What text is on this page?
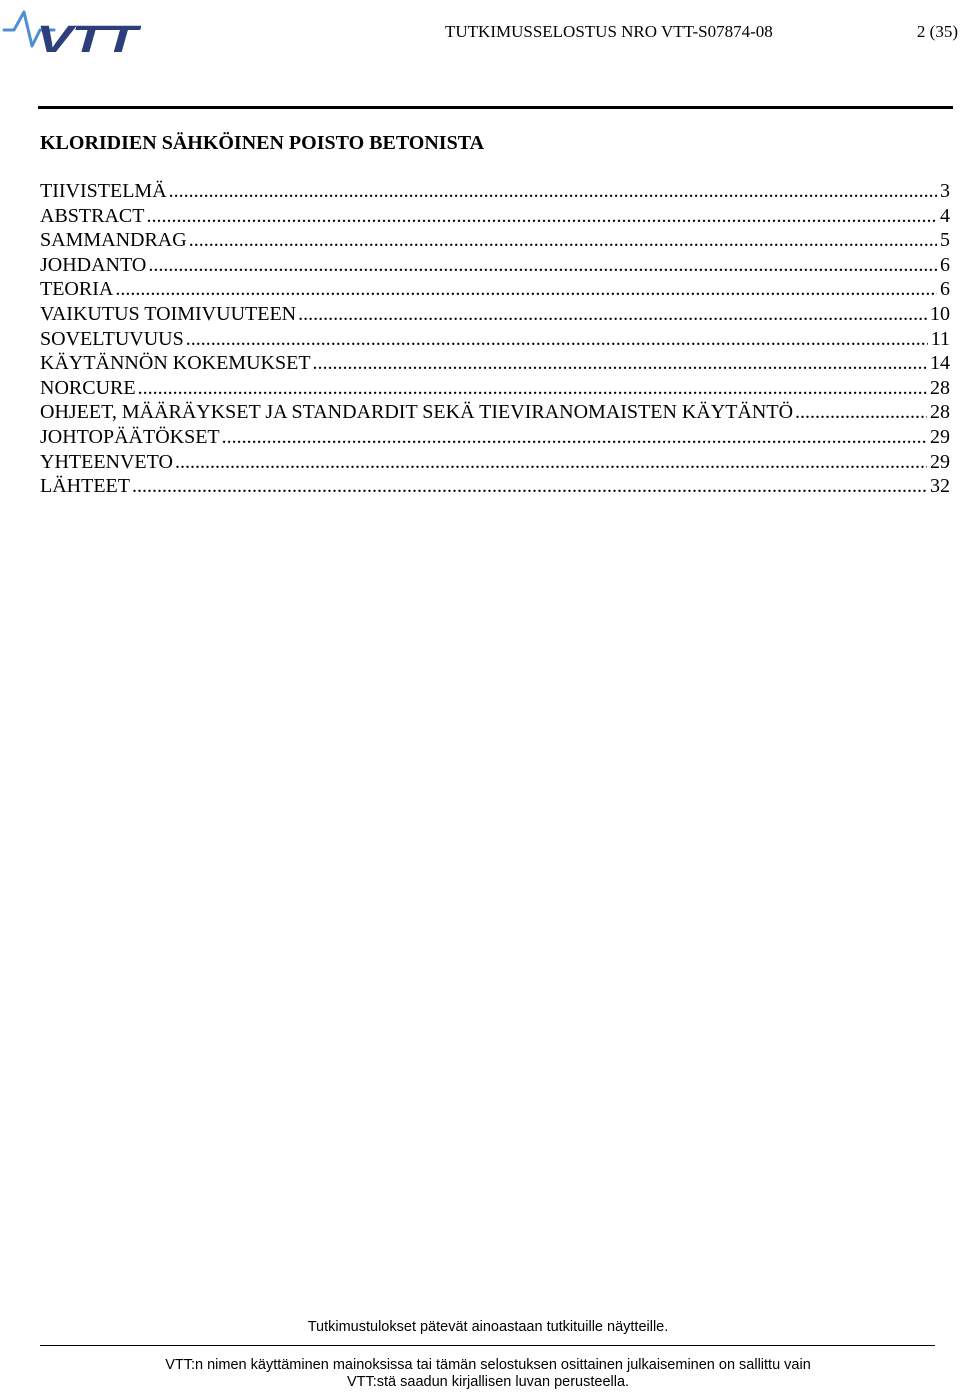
VTT	TUTKIMUSSELOSTUS NRO VTT-S07874-08	2 (35)
KLORIDIEN SÄHKÖINEN POISTO BETONISTA
TIIVISTELMÄ .....	3
ABSTRACT .....	4
SAMMANDRAG .....	5
JOHDANTO .....	6
TEORIA .....	6
VAIKUTUS TOIMIVUUTEEN .....	10
SOVELTUVUUS .....	11
KÄYTÄNNÖN KOKEMUKSET .....	14
NORCURE .....	28
OHJEET, MÄÄRÄYKSET JA STANDARDIT SEKÄ TIEVIRANOMAISTEN KÄYTÄNTÖ .....	28
JOHTOPÄÄTÖKSET .....	29
YHTEENVETO .....	29
LÄHTEET .....	32
Tutkimustulokset pätevät ainoastaan tutkituille näytteille.
VTT:n nimen käyttäminen mainoksissa tai tämän selostuksen osittainen julkaiseminen on sallittu vain
VTT:stä saadun kirjallisen luvan perusteella.
